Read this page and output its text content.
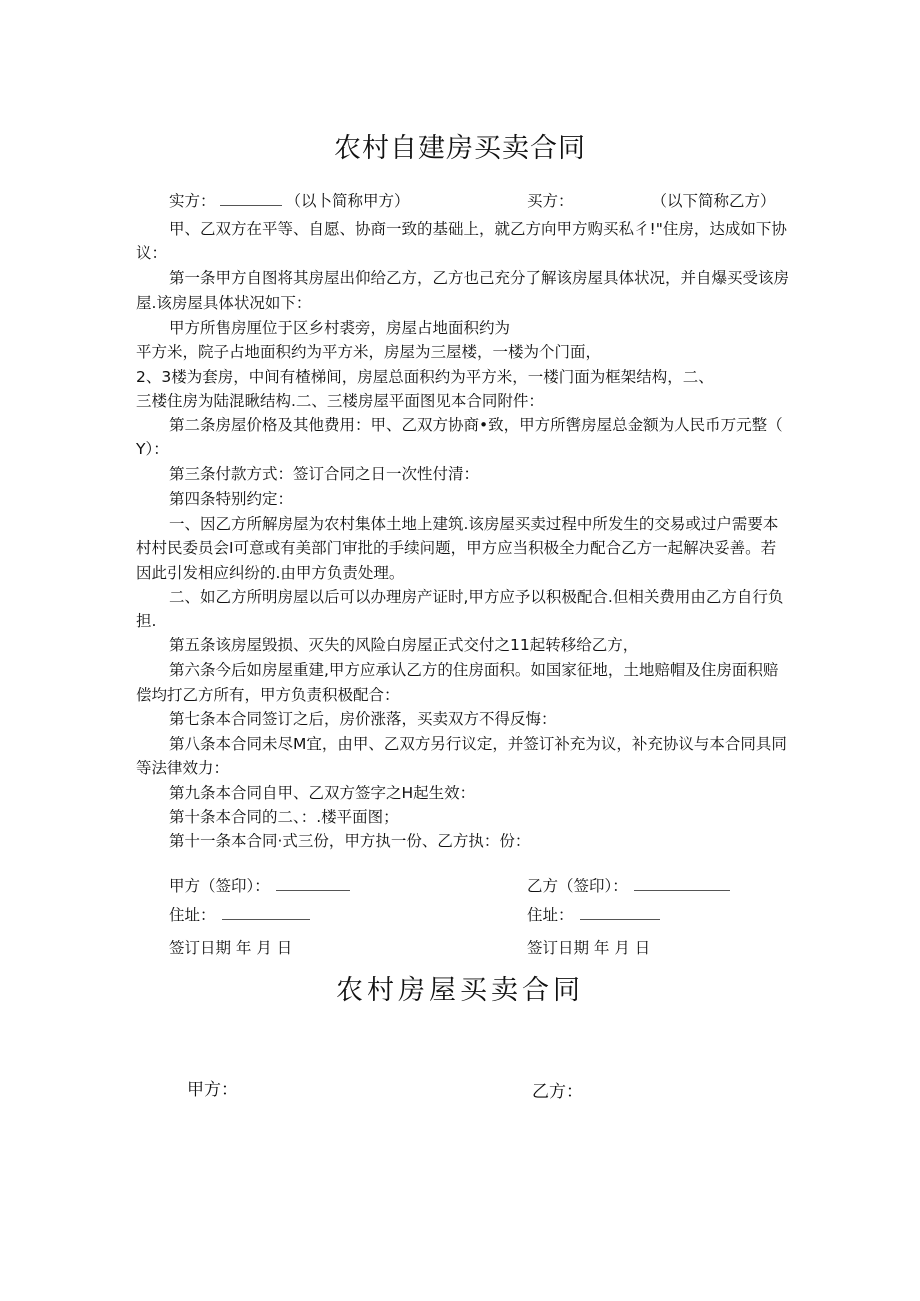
农村自建房买卖合同
实方：	（以卜简称甲方）	买方：	（以下简称乙方）
甲、乙双方在平等、自愿、协商一致的基础上，就乙方向甲方购买私彳!"住房，达成如下协
议：
第一条甲方自图将其房屋出仰给乙方，乙方也己充分了解该房屋具体状况，并自爆买受该房
屋.该房屋具体状况如下：
甲方所售房厘位于区乡村裘旁，房屋占地面积约为
平方米，院子占地面积约为平方米，房屋为三屋楼，一楼为个门面，
2、3楼为套房，中间有楂梯间，房屋总面积约为平方米，一楼门面为框架结构，二、
三楼住房为陆混瞅结构.二、三楼房屋平面图见本合同附件：
第二条房屋价格及其他费用：甲、乙双方协商•致，甲方所辔房屋总金额为人民币万元整（
Y）：
第三条付款方式：签订合同之日一次性付清：
第四条特别约定：
一、因乙方所解房屋为农村集体土地上建筑.该房屋买卖过程中所发生的交易或过户需要本
村村民委员会I可意或有美部门审批的手续问题，甲方应当积极全力配合乙方一起解决妥善。若
因此引发相应纠纷的.由甲方负责处理。
二、如乙方所明房屋以后可以办理房产证时,甲方应予以积极配合.但相关费用由乙方自行负
担.
第五条该房屋毁损、灭失的风险白房屋正式交付之11起转移给乙方，
第六条今后如房屋重建,甲方应承认乙方的住房面积。如国家征地，土地赔帽及住房面积赔
偿均打乙方所有，甲方负责积极配合：
第七条本合同签订之后，房价涨落，买卖双方不得反悔：
第八条本合同未尽M宜，由甲、乙双方另行议定，并签订补充为议，补充协议与本合同具同
等法律效力：
第九条本合同自甲、乙双方签字之H起生效：
第十条本合同的二、：.楼平面图；
第十一条本合同·式三份，甲方执一份、乙方执：份：
甲方（签印）：	乙方（签印）：
住址：	住址：
签订日期 年 月 日	签订日期 年 月 日
农村房屋买卖合同
甲方：	乙方：
